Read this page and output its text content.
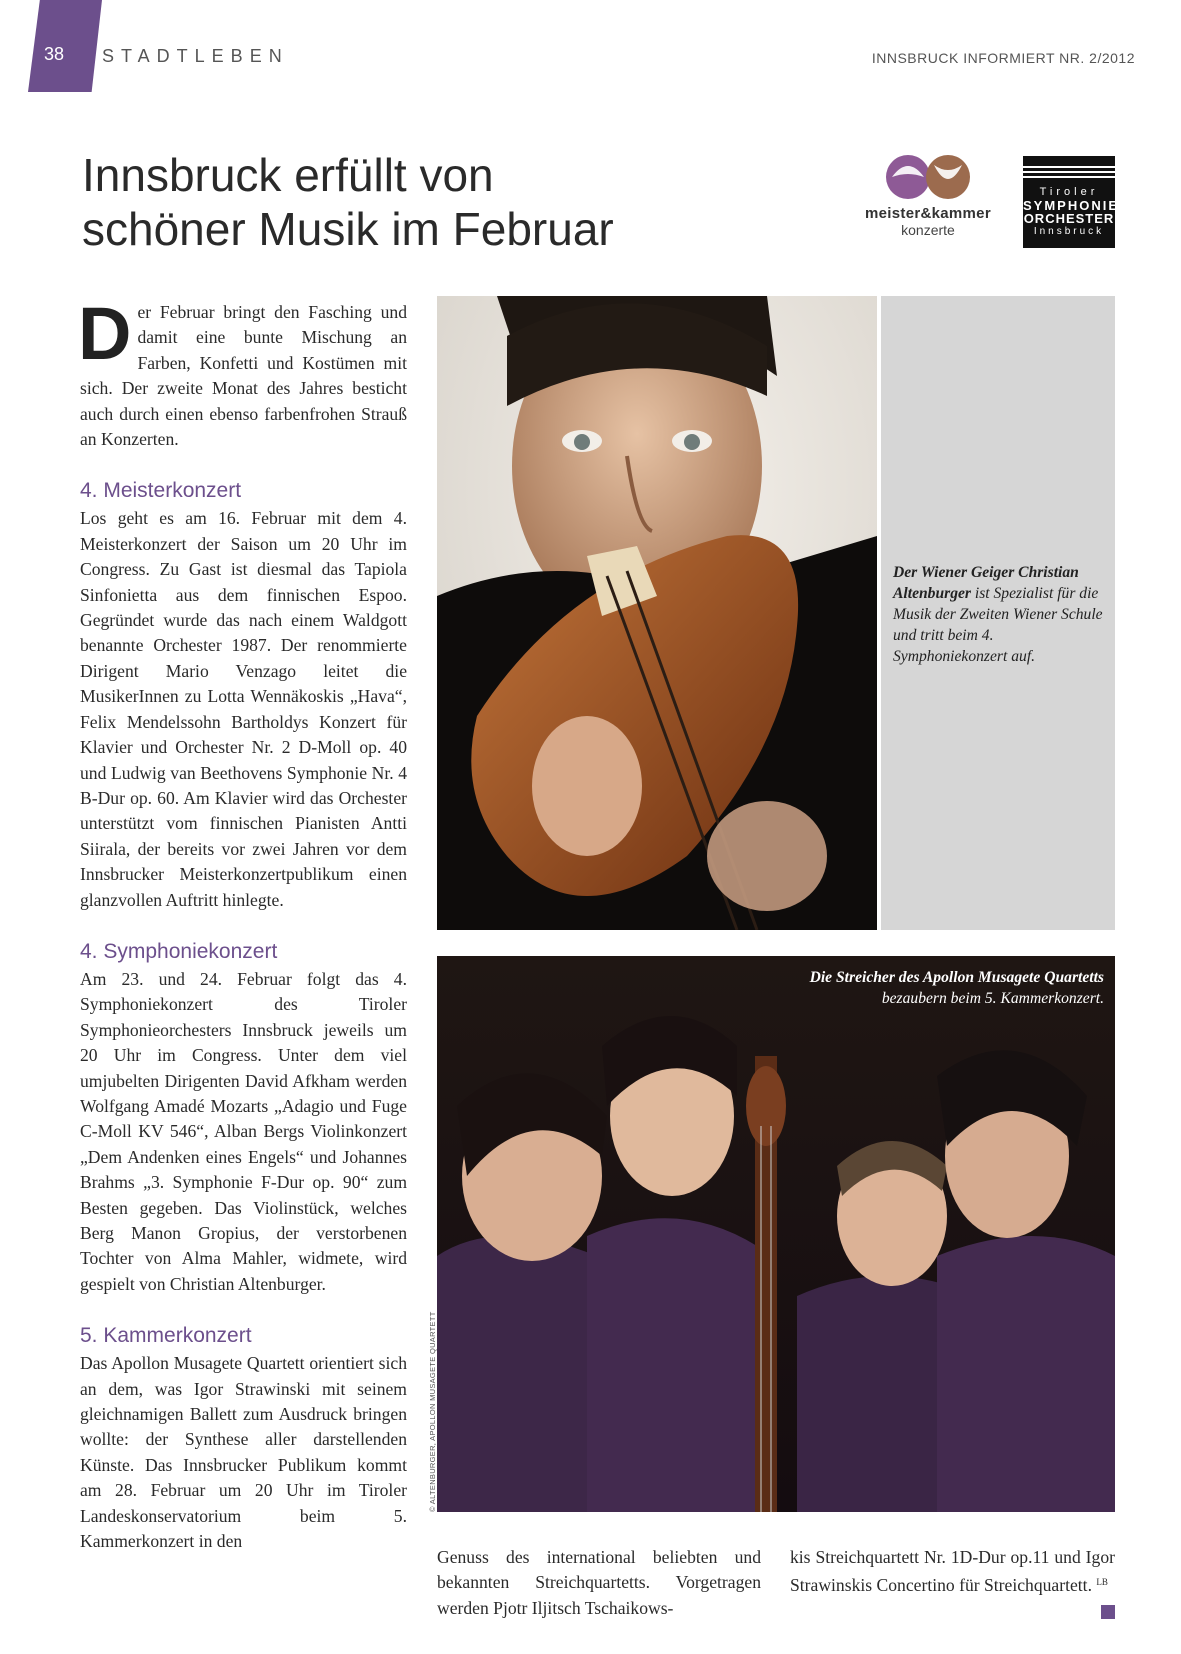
38	STADTLEBEN	INNSBRUCK INFORMIERT NR. 2/2012
Innsbruck erfüllt von
schöner Musik im Februar	meister&kammer
konzerte
Tiroler
SYMPHONIE
ORCHESTER
Innsbruck

Der Februar bringt den Fasching und damit eine bunte Mischung an Farben, Konfetti und Kostümen mit sich. Der zweite Monat des Jahres besticht auch durch einen ebenso farbenfrohen Strauß an Konzerten.

4. Meisterkonzert

Los geht es am 16. Februar mit dem 4. Meisterkonzert der Saison um 20 Uhr im Congress. Zu Gast ist diesmal das Tapiola Sinfonietta aus dem finnischen Espoo. Gegründet wurde das nach einem Waldgott benannte Orchester 1987. Der renommierte Dirigent Mario Venzago leitet die MusikerInnen zu Lotta Wennäkoskis „Hava“, Felix Mendelssohn Bartholdys Konzert für Klavier und Orchester Nr. 2 D-Moll op. 40 und Ludwig van Beethovens Symphonie Nr. 4 B-Dur op. 60. Am Klavier wird das Orchester unterstützt vom finnischen Pianisten Antti Siirala, der bereits vor zwei Jahren vor dem Innsbrucker Meisterkonzertpublikum einen glanzvollen Auftritt hinlegte.

4. Symphoniekonzert

Am 23. und 24. Februar folgt das 4. Symphoniekonzert des Tiroler Symphonieorchesters Innsbruck jeweils um 20 Uhr im Congress. Unter dem viel umjubelten Dirigenten David Afkham werden Wolfgang Amadé Mozarts „Adagio und Fuge C-Moll KV 546“, Alban Bergs Violinkonzert „Dem Andenken eines Engels“ und Johannes Brahms „3. Symphonie F-Dur op. 90“ zum Besten gegeben. Das Violinstück, welches Berg Manon Gropius, der verstorbenen Tochter von Alma Mahler, widmete, wird gespielt von Christian Altenburger.

5. Kammerkonzert

Das Apollon Musagete Quartett orientiert sich an dem, was Igor Strawinski mit seinem gleichnamigen Ballett zum Ausdruck bringen wollte: der Synthese aller darstellenden Künste. Das Innsbrucker Publikum kommt am 28. Februar um 20 Uhr im Tiroler Landeskonservatorium beim 5. Kammerkonzert in den

Der Wiener Geiger Christian Altenburger ist Spezialist für die Musik der Zweiten Wiener Schule und tritt beim 4. Symphoniekonzert auf.
Die Streicher des Apollon Musagete Quartetts
bezaubern beim 5. Kammerkonzert.
© ALTENBURGER, APOLLON MUSAGETE QUARTETT

Genuss des international beliebten und bekannten Streichquartetts. Vorgetragen werden Pjotr Iljitsch Tschaikows-

kis Streichquartett Nr. 1D-Dur op.11 und Igor Strawinskis Concertino für Streichquartett. $^{LB}$
